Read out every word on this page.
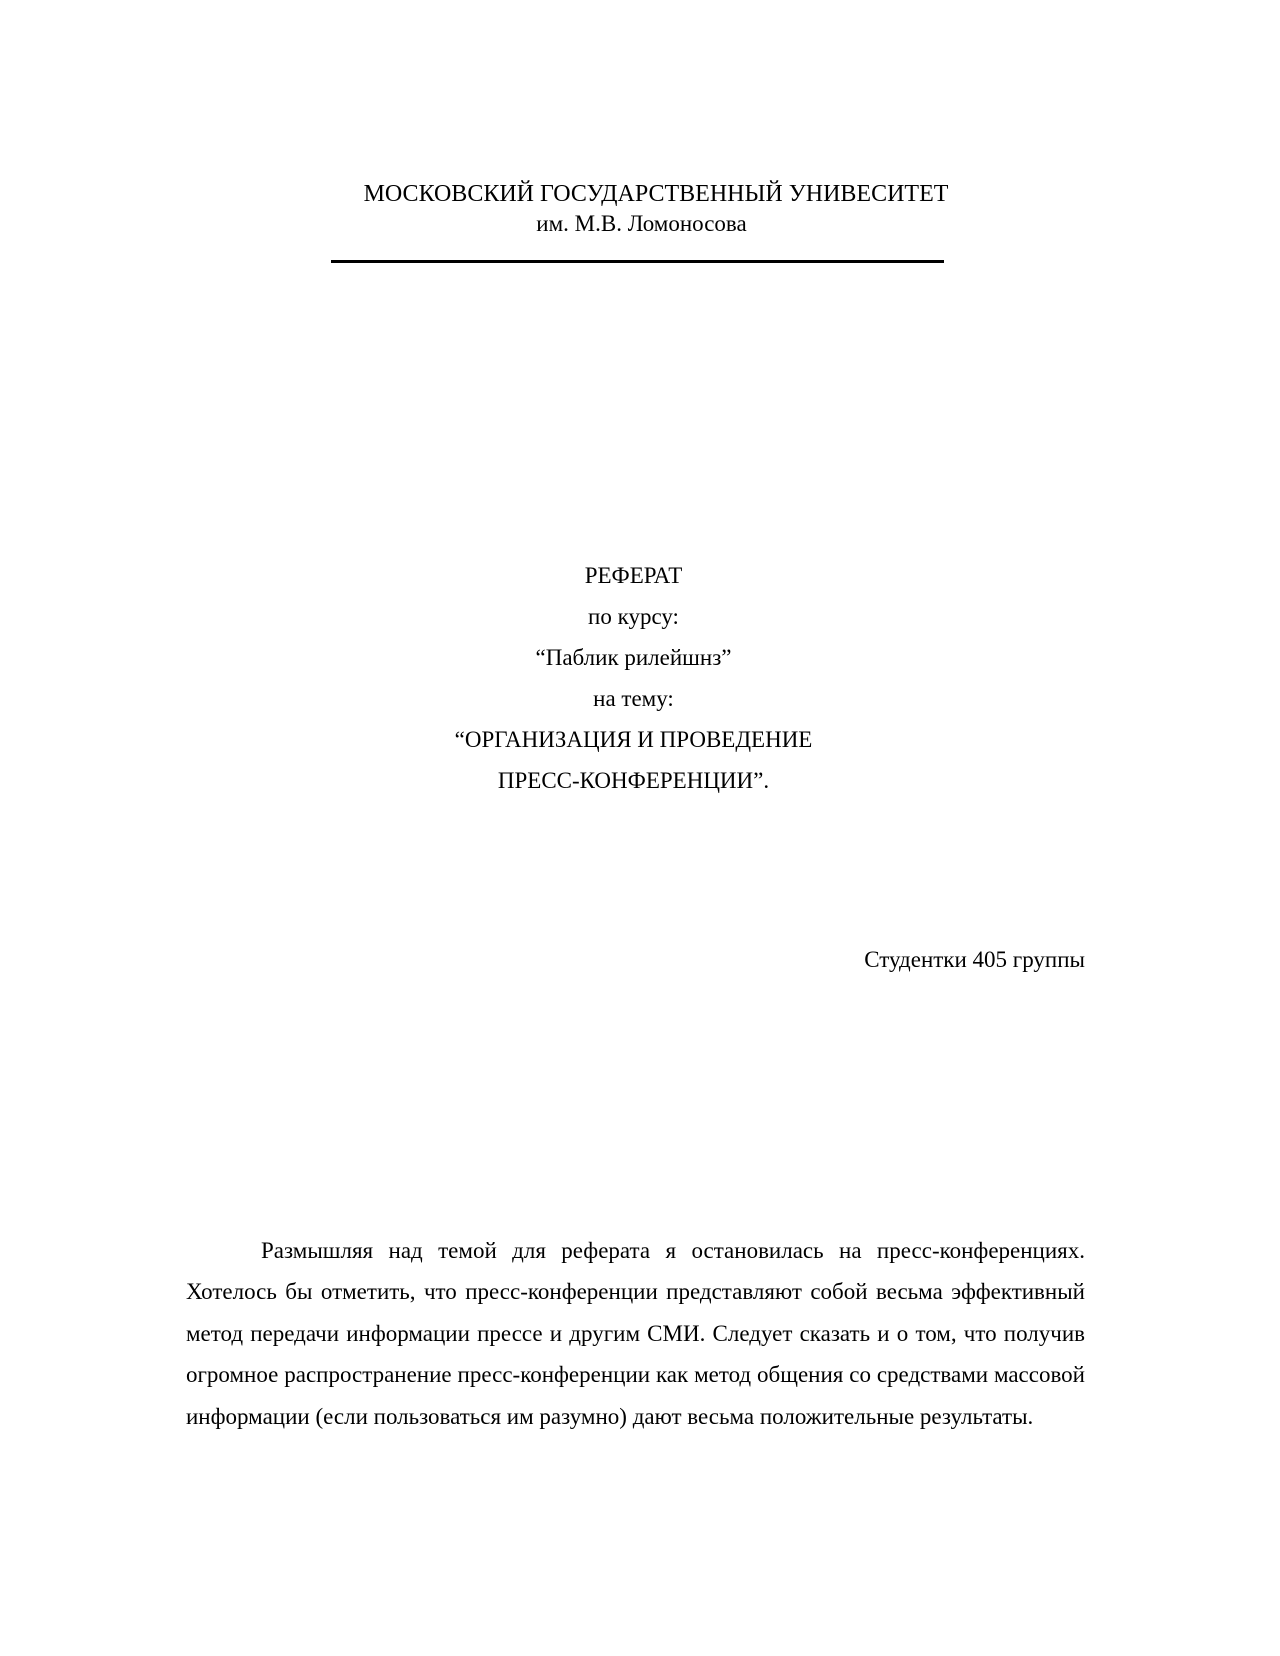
МОСКОВСКИЙ ГОСУДАРСТВЕННЫЙ УНИВЕСИТЕТ
им. М.В. Ломоносова
РЕФЕРАТ
по курсу:
“Паблик рилейшнз”
на тему:
“ОРГАНИЗАЦИЯ И ПРОВЕДЕНИЕ
ПРЕСС-КОНФЕРЕНЦИИ”.
Студентки 405 группы

Размышляя над темой для реферата я остановилась на пресс-конференциях. Хотелось бы отметить, что пресс-конференции представляют собой весьма эффективный метод передачи информации прессе и другим СМИ. Следует сказать и о том, что получив огромное распространение пресс-конференции как метод общения со средствами массовой информации (если пользоваться им разумно) дают весьма положительные результаты.
